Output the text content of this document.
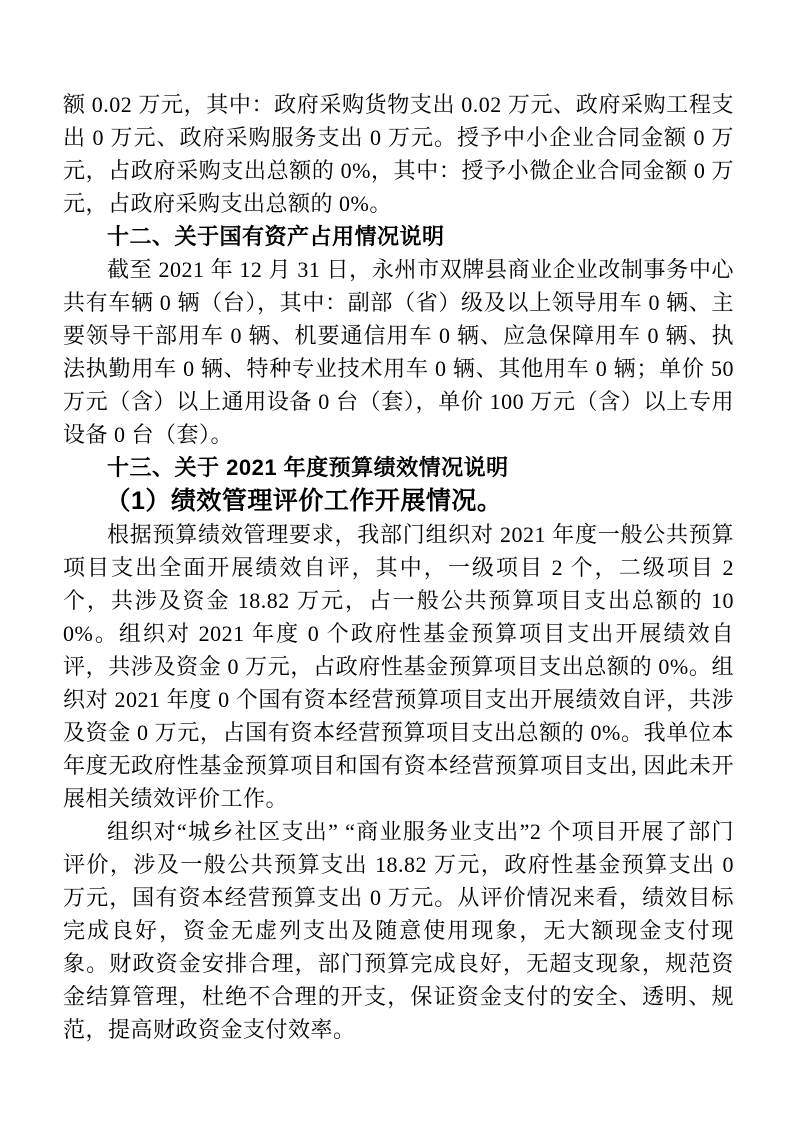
额 0.02 万元，其中：政府采购货物支出 0.02 万元、政府采购工程支出 0 万元、政府采购服务支出 0 万元。授予中小企业合同金额 0 万元，占政府采购支出总额的 0%，其中：授予小微企业合同金额 0 万元，占政府采购支出总额的 0%。

十二、关于国有资产占用情况说明

截至 2021 年 12 月 31 日，永州市双牌县商业企业改制事务中心共有车辆 0 辆（台），其中：副部（省）级及以上领导用车 0 辆、主要领导干部用车 0 辆、机要通信用车 0 辆、应急保障用车 0 辆、执法执勤用车 0 辆、特种专业技术用车 0 辆、其他用车 0 辆；单价 50 万元（含）以上通用设备 0 台（套），单价 100 万元（含）以上专用设备 0 台（套）。

十三、关于 2021 年度预算绩效情况说明

（1）绩效管理评价工作开展情况。

根据预算绩效管理要求，我部门组织对 2021 年度一般公共预算项目支出全面开展绩效自评，其中，一级项目 2 个，二级项目 2 个，共涉及资金 18.82 万元，占一般公共预算项目支出总额的 100%。组织对 2021 年度 0 个政府性基金预算项目支出开展绩效自评，共涉及资金 0 万元，占政府性基金预算项目支出总额的 0%。组织对 2021 年度 0 个国有资本经营预算项目支出开展绩效自评，共涉及资金 0 万元，占国有资本经营预算项目支出总额的 0%。我单位本年度无政府性基金预算项目和国有资本经营预算项目支出, 因此未开展相关绩效评价工作。

组织对“城乡社区支出” “商业服务业支出”2 个项目开展了部门评价，涉及一般公共预算支出 18.82 万元，政府性基金预算支出 0 万元，国有资本经营预算支出 0 万元。从评价情况来看，绩效目标完成良好，资金无虚列支出及随意使用现象，无大额现金支付现象。财政资金安排合理，部门预算完成良好，无超支现象，规范资金结算管理，杜绝不合理的开支，保证资金支付的安全、透明、规范，提高财政资金支付效率。
